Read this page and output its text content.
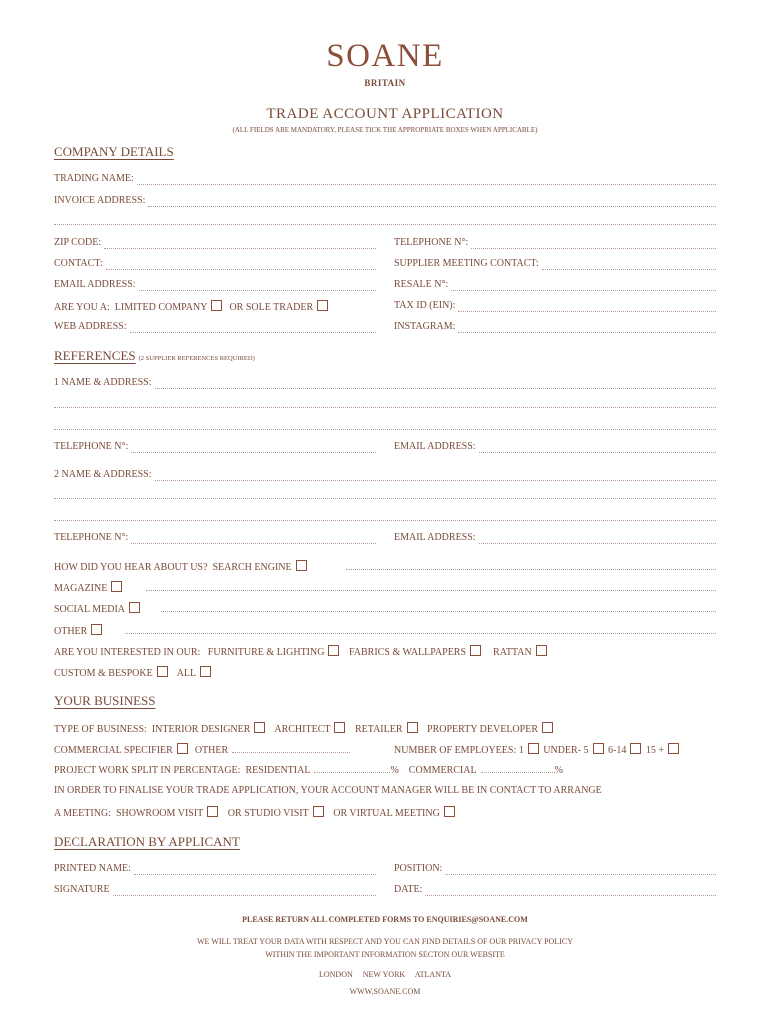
SOANE
BRITAIN
TRADE ACCOUNT APPLICATION
(ALL FIELDS ARE MANDATORY, PLEASE TICK THE APPROPRIATE BOXES WHEN APPLICABLE)
COMPANY DETAILS
TRADING NAME:
INVOICE ADDRESS:
ZIP CODE:	TELEPHONE N°:
CONTACT:	SUPPLIER MEETING CONTACT:
EMAIL ADDRESS:	RESALE N°:
ARE YOU A: LIMITED COMPANY OR SOLE TRADER	TAX ID (EIN):
WEB ADDRESS:	INSTAGRAM:
REFERENCES (2 SUPPLIER REFERENCES REQUIRED)
1 NAME & ADDRESS:
TELEPHONE N°:	EMAIL ADDRESS:
2 NAME & ADDRESS:
TELEPHONE N°:	EMAIL ADDRESS:
HOW DID YOU HEAR ABOUT US? SEARCH ENGINE
MAGAZINE
SOCIAL MEDIA
OTHER
ARE YOU INTERESTED IN OUR: FURNITURE & LIGHTING FABRICS & WALLPAPERS	RATTAN
CUSTOM & BESPOKE ALL
YOUR BUSINESS
TYPE OF BUSINESS: INTERIOR DESIGNER ARCHITECT RETAILER PROPERTY DEVELOPER
COMMERCIAL SPECIFIER OTHER	NUMBER OF EMPLOYEES: 1 UNDER- 5 6-14 15 +
PROJECT WORK SPLIT IN PERCENTAGE: RESIDENTIAL	% COMMERCIAL	%
IN ORDER TO FINALISE YOUR TRADE APPLICATION, YOUR ACCOUNT MANAGER WILL BE IN CONTACT TO ARRANGE
A MEETING: SHOWROOM VISIT OR STUDIO VISIT OR VIRTUAL MEETING
DECLARATION BY APPLICANT
PRINTED NAME:	POSITION:
SIGNATURE	DATE:
PLEASE RETURN ALL COMPLETED FORMS TO ENQUIRIES@SOANE.COM
WE WILL TREAT YOUR DATA WITH RESPECT AND YOU CAN FIND DETAILS OF OUR PRIVACY POLICY
WITHIN THE IMPORTANT INFORMATION SECTON OUR WEBSITE
LONDON     NEW YORK     ATLANTA
WWW.SOANE.COM
